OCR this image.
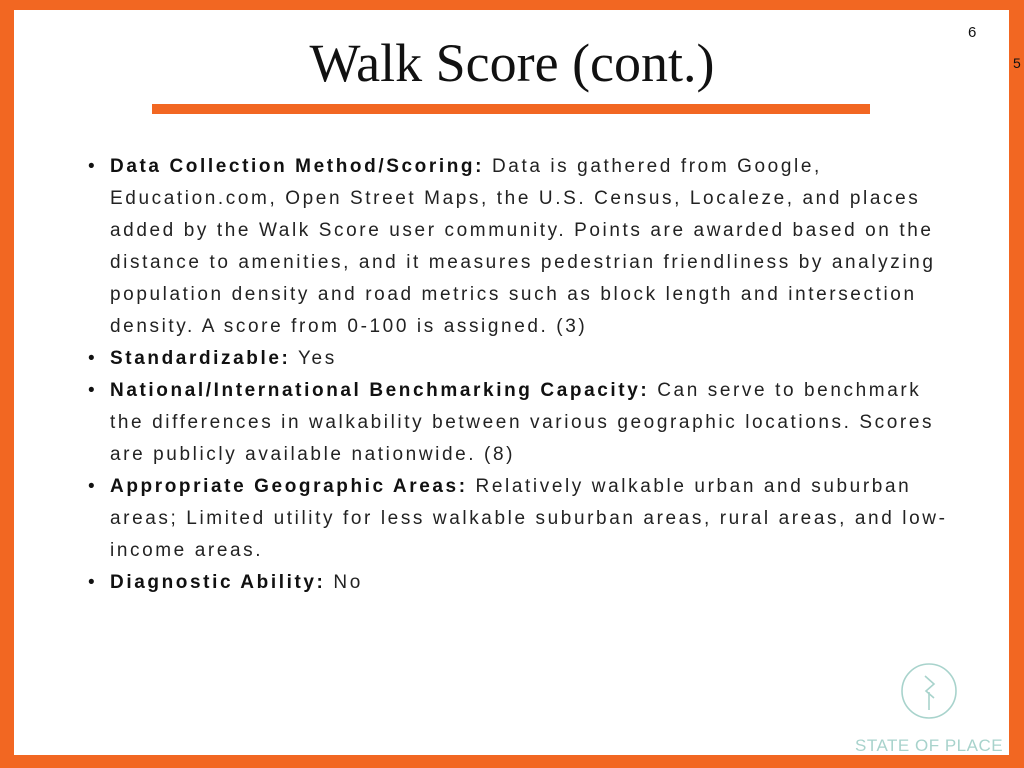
6
5
Walk Score (cont.)
• Data Collection Method/Scoring: Data is gathered from Google, Education.com, Open Street Maps, the U.S. Census, Localeze, and places added by the Walk Score user community. Points are awarded based on the distance to amenities, and it measures pedestrian friendliness by analyzing population density and road metrics such as block length and intersection density. A score from 0-100 is assigned. (3)
• Standardizable: Yes
• National/International Benchmarking Capacity: Can serve to benchmark the differences in walkability between various geographic locations. Scores are publicly available nationwide. (8)
• Appropriate Geographic Areas: Relatively walkable urban and suburban areas; Limited utility for less walkable suburban areas, rural areas, and low-income areas.
• Diagnostic Ability: No
STATE OF PLACE
